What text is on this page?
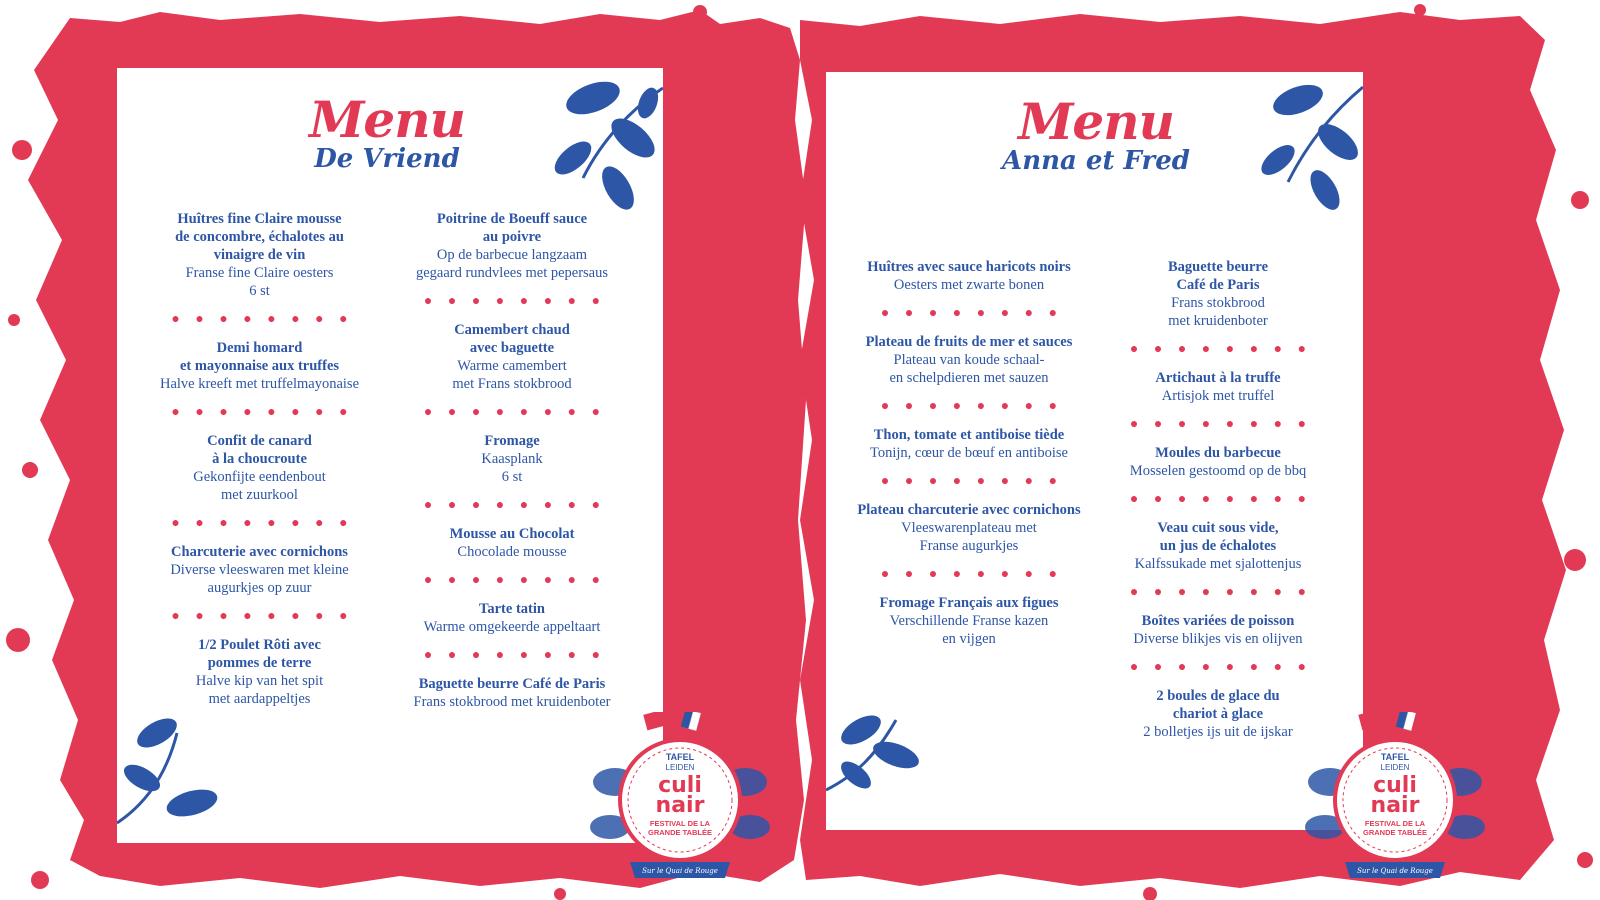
Menu
De Vriend
Huîtres fine Claire mousse
de concombre, échalotes au
vinaigre de vin
Franse fine Claire oesters
6 st
● ● ● ● ● ● ● ●
Demi homard
et mayonnaise aux truffes
Halve kreeft met truffelmayonaise
● ● ● ● ● ● ● ●
Confit de canard
à la choucroute
Gekonfijte eendenbout
met zuurkool
● ● ● ● ● ● ● ●
Charcuterie avec cornichons
Diverse vleeswaren met kleine
augurkjes op zuur
● ● ● ● ● ● ● ●
1/2 Poulet Rôti avec
pommes de terre
Halve kip van het spit
met aardappeltjes
Poitrine de Boeuff sauce
au poivre
Op de barbecue langzaam
gegaard rundvlees met pepersaus
● ● ● ● ● ● ● ●
Camembert chaud
avec baguette
Warme camembert
met Frans stokbrood
● ● ● ● ● ● ● ●
Fromage
Kaasplank
6 st
● ● ● ● ● ● ● ●
Mousse au Chocolat
Chocolade mousse
● ● ● ● ● ● ● ●
Tarte tatin
Warme omgekeerde appeltaart
● ● ● ● ● ● ● ●
Baguette beurre Café de Paris
Frans stokbrood met kruidenboter
Menu
Anna et Fred
Huîtres avec sauce haricots noirs
Oesters met zwarte bonen
● ● ● ● ● ● ● ●
Plateau de fruits de mer et sauces
Plateau van koude schaal-
en schelpdieren met sauzen
● ● ● ● ● ● ● ●
Thon, tomate et antiboise tiède
Tonijn, cœur de bœuf en antiboise
● ● ● ● ● ● ● ●
Plateau charcuterie avec cornichons
Vleeswarenplateau met
Franse augurkjes
● ● ● ● ● ● ● ●
Fromage Français aux figues
Verschillende Franse kazen
en vijgen
Baguette beurre
Café de Paris
Frans stokbrood
met kruidenboter
● ● ● ● ● ● ● ●
Artichaut à la truffe
Artisjok met truffel
● ● ● ● ● ● ● ●
Moules du barbecue
Mosselen gestoomd op de bbq
● ● ● ● ● ● ● ●
Veau cuit sous vide,
un jus de échalotes
Kalfssukade met sjalottenjus
● ● ● ● ● ● ● ●
Boîtes variées de poisson
Diverse blikjes vis en olijven
● ● ● ● ● ● ● ●
2 boules de glace du
chariot à glace
2 bolletjes ijs uit de ijskar
TAFEL
LEIDEN
culi
nair
FESTIVAL DE LA
GRANDE TABLÉE
Sur le Quai de Rouge
TAFEL
LEIDEN
culi
nair
FESTIVAL DE LA
GRANDE TABLÉE
Sur le Quai de Rouge
